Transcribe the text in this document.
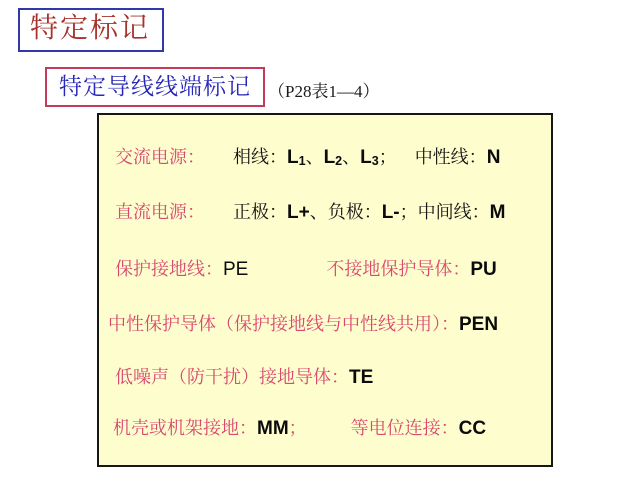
特定标记
特定导线线端标记	（P28表1—4）
交流电源： 相线：L1、L2、L3； 中性线：N
直流电源： 正极：L+、负极：L-；中间线：M
保护接地线：PE	不接地保护导体：PU
中性保护导体（保护接地线与中性线共用）：PEN
低噪声（防干扰）接地导体：TE
机壳或机架接地：MM； 等电位连接：CC
